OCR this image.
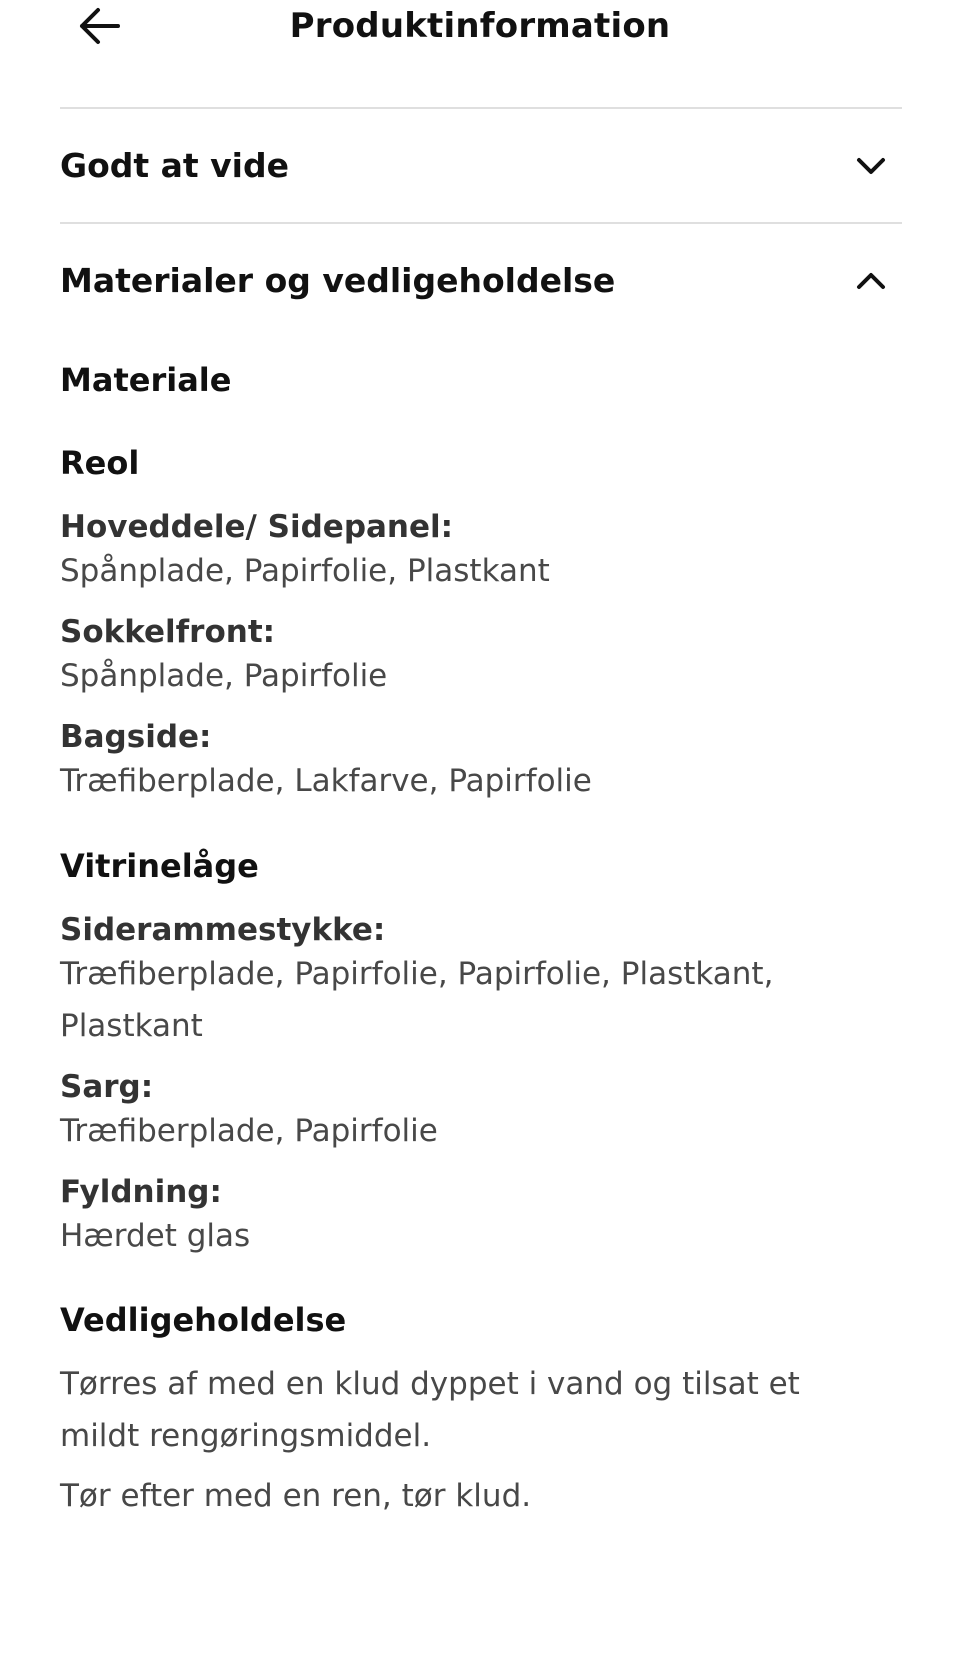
Produktinformation
Godt at vide
Materialer og vedligeholdelse
Materiale
Reol
Hoveddele/ Sidepanel:
Spånplade, Papirfolie, Plastkant
Sokkelfront:
Spånplade, Papirfolie
Bagside:
Træfiberplade, Lakfarve, Papirfolie
Vitrinelåge
Siderammestykke:
Træfiberplade, Papirfolie, Papirfolie, Plastkant, Plastkant
Sarg:
Træfiberplade, Papirfolie
Fyldning:
Hærdet glas
Vedligeholdelse
Tørres af med en klud dyppet i vand og tilsat et mildt rengøringsmiddel.
Tør efter med en ren, tør klud.
